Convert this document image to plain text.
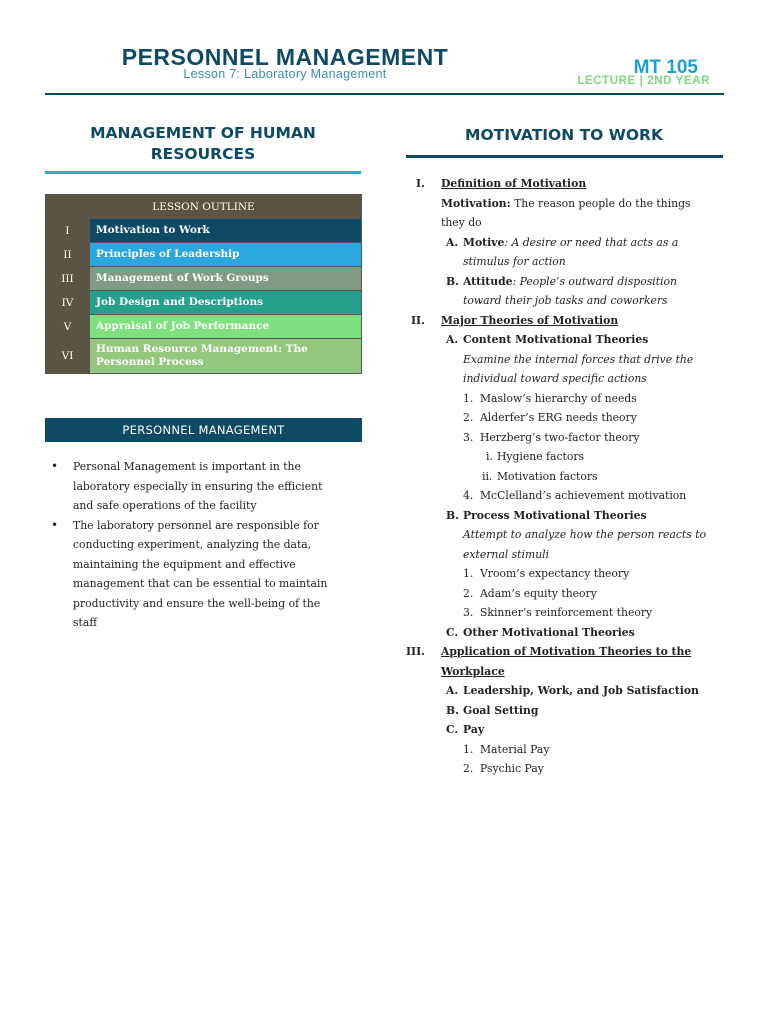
PERSONNEL MANAGEMENT
Lesson 7: Laboratory Management	MT 105
LECTURE | 2ND YEAR
MANAGEMENT OF HUMAN
RESOURCES
LESSON OUTLINE	
I	Motivation to Work
II	Principles of Leadership
III	Management of Work Groups
IV	Job Design and Descriptions
V	Appraisal of Job Performance
VI	Human Resource Management: The
Personnel Process
PERSONNEL MANAGEMENT
• Personal Management is important in the
laboratory especially in ensuring the efficient
and safe operations of the facility
• The laboratory personnel are responsible for
conducting experiment, analyzing the data,
maintaining the equipment and effective
management that can be essential to maintain
productivity and ensure the well-being of the
staff
MOTIVATION TO WORK
I. Definition of Motivation
Motivation: The reason people do the things
they do
A. Motive: A desire or need that acts as a
stimulus for action
B. Attitude: People’s outward disposition
toward their job tasks and coworkers
II. Major Theories of Motivation
A. Content Motivational Theories
Examine the internal forces that drive the
individual toward specific actions
1. Maslow’s hierarchy of needs
2. Alderfer’s ERG needs theory
3. Herzberg’s two-factor theory
i. Hygiene factors
ii. Motivation factors
4. McClelland’s achievement motivation
B. Process Motivational Theories
Attempt to analyze how the person reacts to
external stimuli
1. Vroom’s expectancy theory
2. Adam’s equity theory
3. Skinner’s reinforcement theory
C. Other Motivational Theories
III. Application of Motivation Theories to the
Workplace
A. Leadership, Work, and Job Satisfaction
B. Goal Setting
C. Pay
1. Material Pay
2. Psychic Pay
